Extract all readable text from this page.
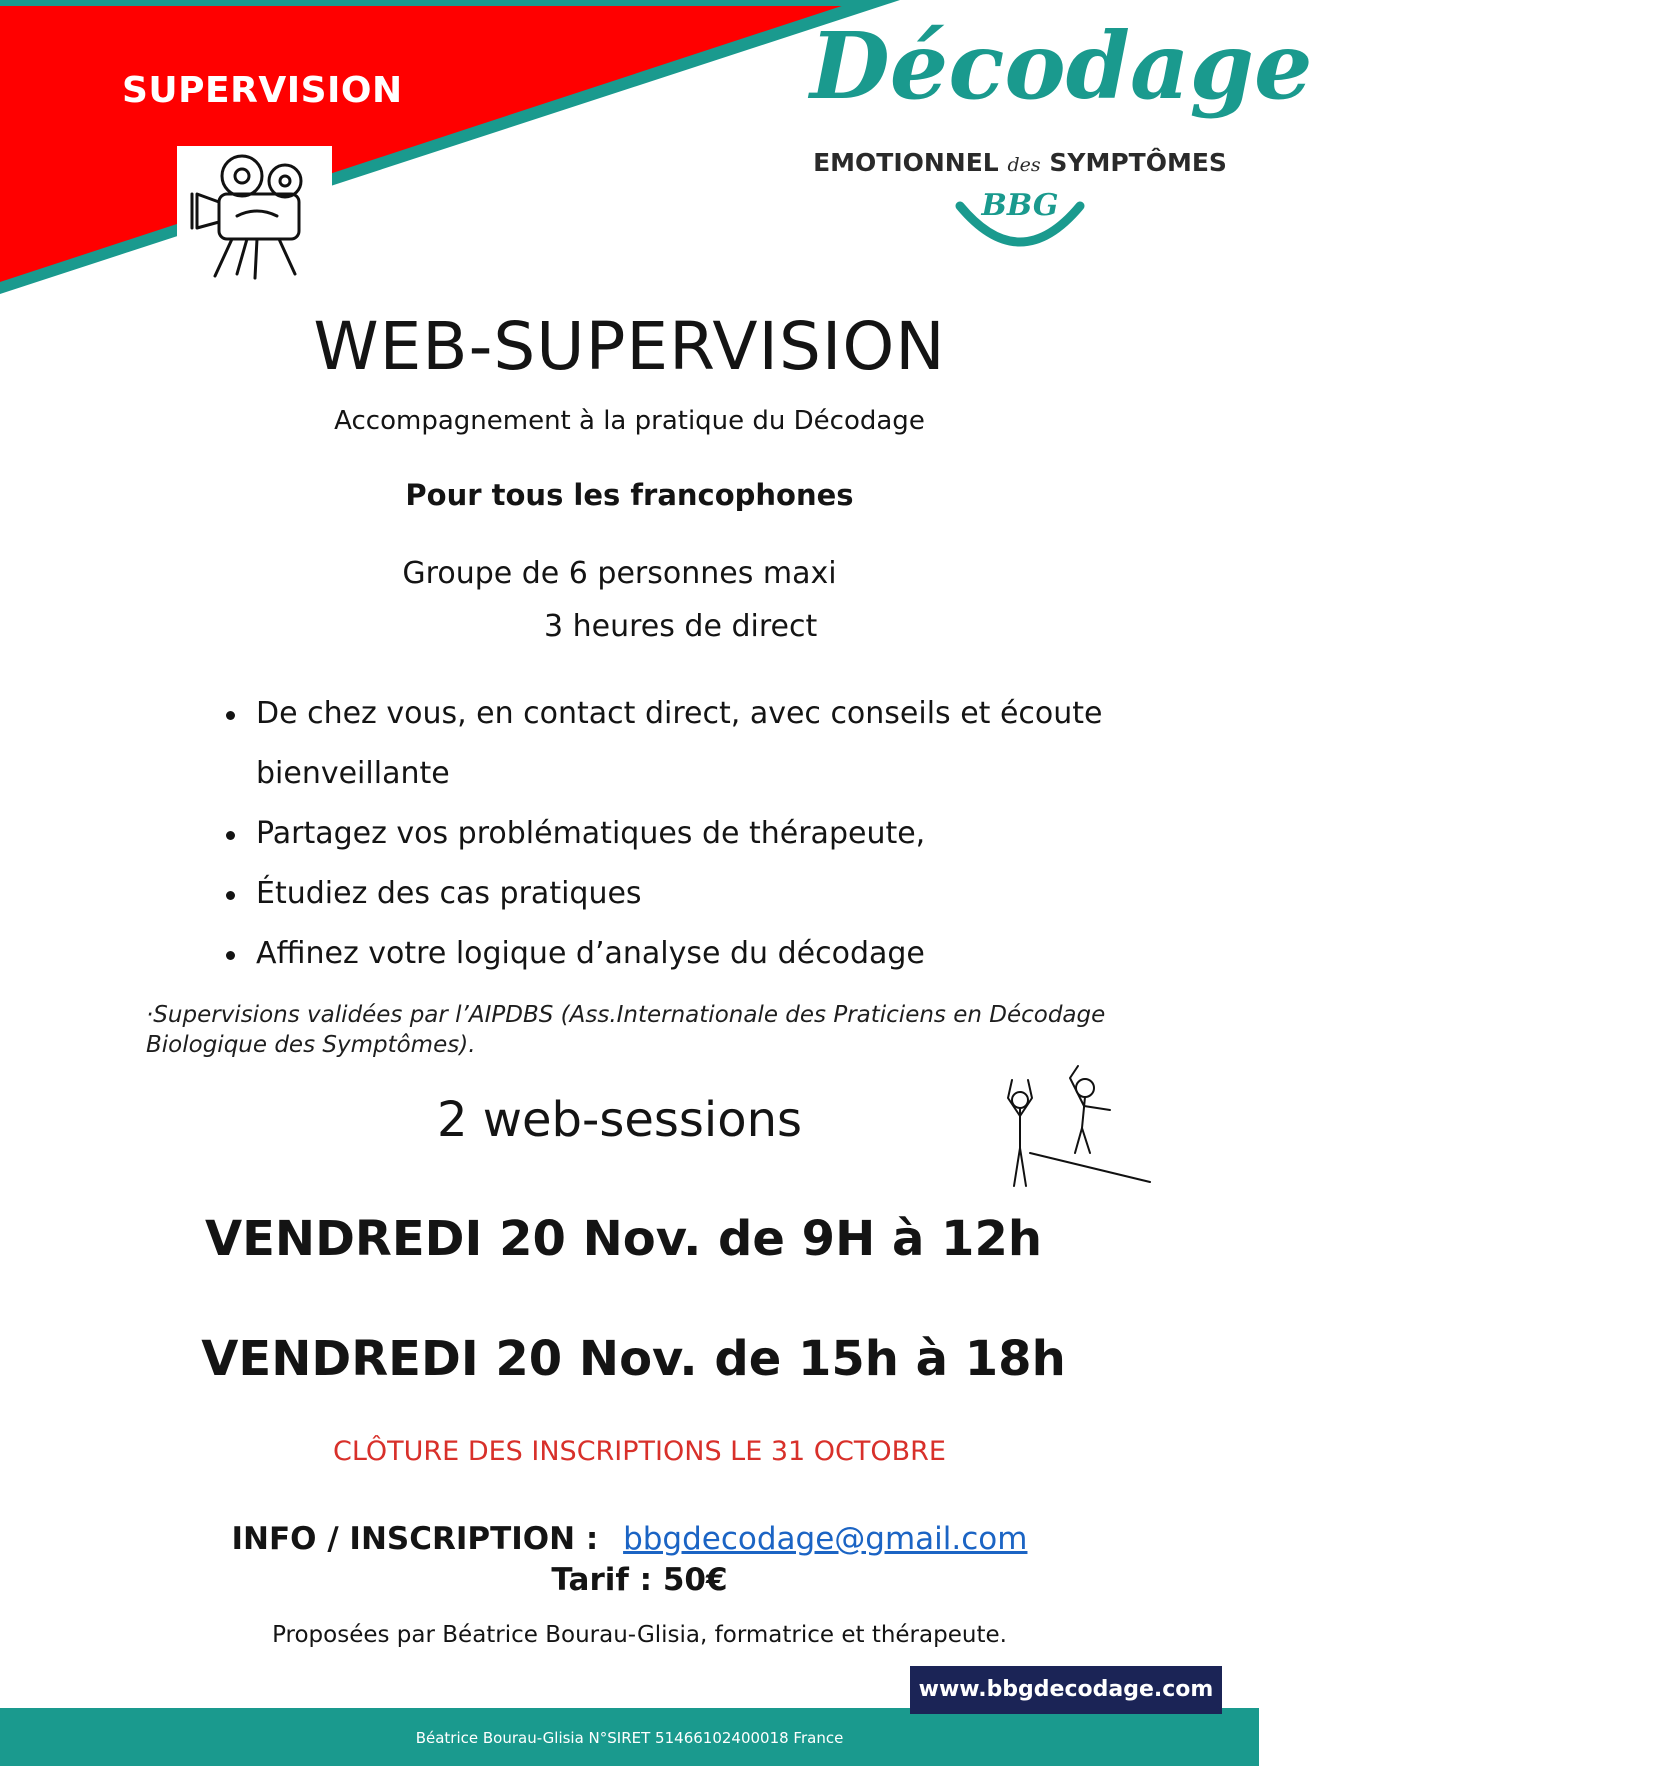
SUPERVISION	Décodage
EMOTIONNEL des SYMPTÔMES
BBG
WEB-SUPERVISION
Accompagnement à la pratique du Décodage
Pour tous les francophones
Groupe de 6 personnes maxi
3 heures de direct
De chez vous, en contact direct, avec conseils et écoute bienveillante
Partagez vos problématiques de thérapeute,
Étudiez des cas pratiques
Affinez votre logique d’analyse du décodage
·Supervisions validées par l’AIPDBS (Ass.Internationale des Praticiens en Décodage Biologique des Symptômes).
2 web-sessions
VENDREDI 20 Nov. de 9H à 12h
VENDREDI 20 Nov. de 15h à 18h
CLÔTURE DES INSCRIPTIONS LE 31 OCTOBRE
INFO / INSCRIPTION : bbgdecodage@gmail.com
Tarif : 50€
Proposées par Béatrice Bourau-Glisia, formatrice et thérapeute.
Béatrice Bourau-Glisia N°SIRET 51466102400018 France
www.bbgdecodage.com
